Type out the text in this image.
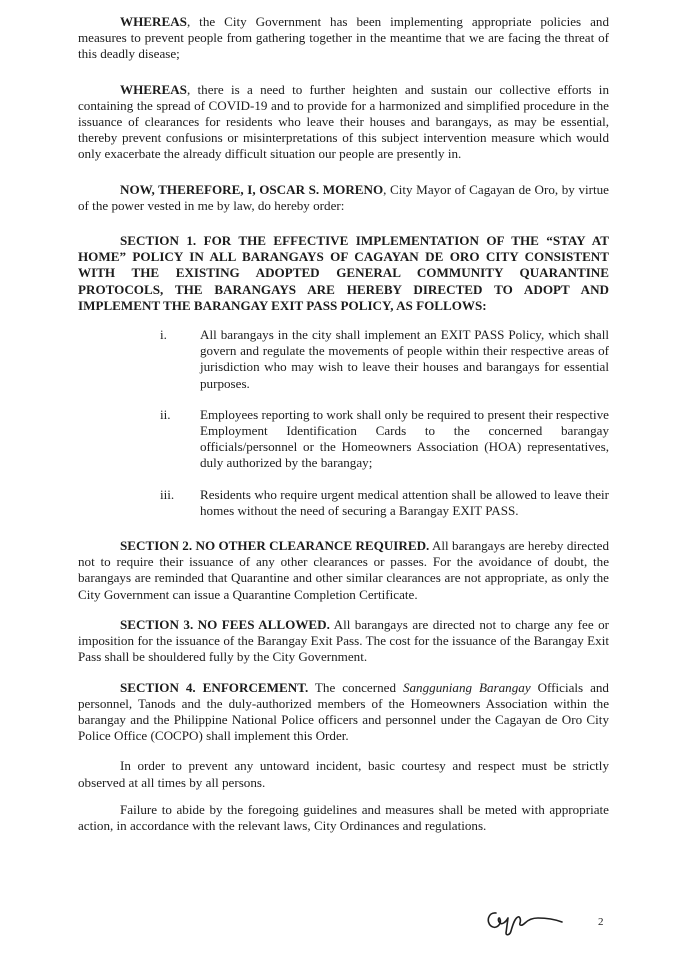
WHEREAS, the City Government has been implementing appropriate policies and measures to prevent people from gathering together in the meantime that we are facing the threat of this deadly disease;

WHEREAS, there is a need to further heighten and sustain our collective efforts in containing the spread of COVID-19 and to provide for a harmonized and simplified procedure in the issuance of clearances for residents who leave their houses and barangays, as may be essential, thereby prevent confusions or misinterpretations of this subject intervention measure which would only exacerbate the already difficult situation our people are presently in.

NOW, THEREFORE, I, OSCAR S. MORENO, City Mayor of Cagayan de Oro, by virtue of the power vested in me by law, do hereby order:

SECTION 1. FOR THE EFFECTIVE IMPLEMENTATION OF THE “STAY AT HOME” POLICY IN ALL BARANGAYS OF CAGAYAN DE ORO CITY CONSISTENT WITH THE EXISTING ADOPTED GENERAL COMMUNITY QUARANTINE PROTOCOLS, THE BARANGAYS ARE HEREBY DIRECTED TO ADOPT AND IMPLEMENT THE BARANGAY EXIT PASS POLICY, AS FOLLOWS:

i.	All barangays in the city shall implement an EXIT PASS Policy, which shall govern and regulate the movements of people within their respective areas of jurisdiction who may wish to leave their houses and barangays for essential purposes.
ii.	Employees reporting to work shall only be required to present their respective Employment Identification Cards to the concerned barangay officials/personnel or the Homeowners Association (HOA) representatives, duly authorized by the barangay;
iii.	Residents who require urgent medical attention shall be allowed to leave their homes without the need of securing a Barangay EXIT PASS.

SECTION 2. NO OTHER CLEARANCE REQUIRED. All barangays are hereby directed not to require their issuance of any other clearances or passes. For the avoidance of doubt, the barangays are reminded that Quarantine and other similar clearances are not appropriate, as only the City Government can issue a Quarantine Completion Certificate.

SECTION 3. NO FEES ALLOWED. All barangays are directed not to charge any fee or imposition for the issuance of the Barangay Exit Pass. The cost for the issuance of the Barangay Exit Pass shall be shouldered fully by the City Government.

SECTION 4. ENFORCEMENT. The concerned Sangguniang Barangay Officials and personnel, Tanods and the duly-authorized members of the Homeowners Association within the barangay and the Philippine National Police officers and personnel under the Cagayan de Oro City Police Office (COCPO) shall implement this Order.

In order to prevent any untoward incident, basic courtesy and respect must be strictly observed at all times by all persons.

Failure to abide by the foregoing guidelines and measures shall be meted with appropriate action, in accordance with the relevant laws, City Ordinances and regulations.

2
